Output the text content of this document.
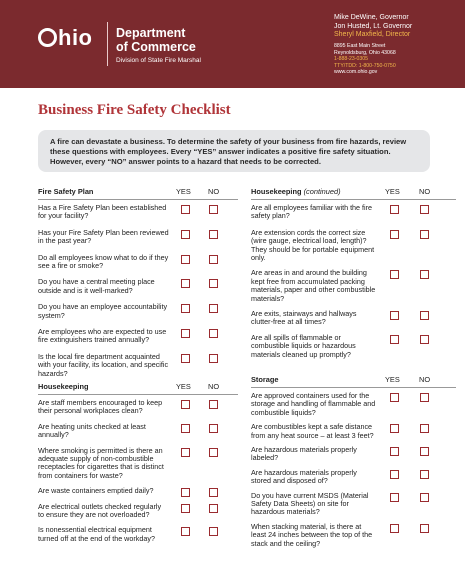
hio Department
of Commerce
Division of State Fire Marshal
Mike DeWine, Governor
Jon Husted, Lt. Governor
Sheryl Maxfield, Director
8895 East Main Street
Reynoldsburg, Ohio 43068
1-888-23-0305
TTY/TDD: 1-800-750-0750
www.com.ohio.gov
Business Fire Safety Checklist
A fire can devastate a business. To determine the safety of your business from fire hazards, review these questions with employees. Every “YES” answer indicates a positive fire safety situation. However, every “NO” answer points to a hazard that needs to be corrected.
Fire Safety Plan	YES NO
Has a Fire Safety Plan been established for your facility?
Has your Fire Safety Plan been reviewed in the past year?
Do all employees know what to do if they see a fire or smoke?
Do you have a central meeting place outside and is it well-marked?
Do you have an employee accountability system?
Are employees who are expected to use fire extinguishers trained annually?
Is the local fire department acquainted with your facility, its location, and specific hazards?
Housekeeping	YES NO
Are staff members encouraged to keep their personal workplaces clean?
Are heating units checked at least annually?
Where smoking is permitted is there an adequate supply of non-combustible receptacles for cigarettes that is distinct from containers for waste?
Are waste containers emptied daily?
Are electrical outlets checked regularly to ensure they are not overloaded?
Is nonessential electrical equipment turned off at the end of the workday?
Housekeeping (continued)	YES	NO
Are all employees familiar with the fire safety plan?
Are extension cords the correct size (wire gauge, electrical load, length)? They should be for portable equipment only.
Are areas in and around the building kept free from accumulated packing materials, paper and other combustible materials?
Are exits, stairways and hallways clutter-free at all times?
Are all spills of flammable or combustible liquids or hazardous materials cleaned up promptly?
Storage	YES	NO
Are approved containers used for the storage and handling of flammable and combustible liquids?
Are combustibles kept a safe distance from any heat source – at least 3 feet?
Are hazardous materials properly labeled?
Are hazardous materials properly stored and disposed of?
Do you have current MSDS (Material Safety Data Sheets) on site for hazardous materials?
When stacking material, is there at least 24 inches between the top of the stack and the ceiling?
